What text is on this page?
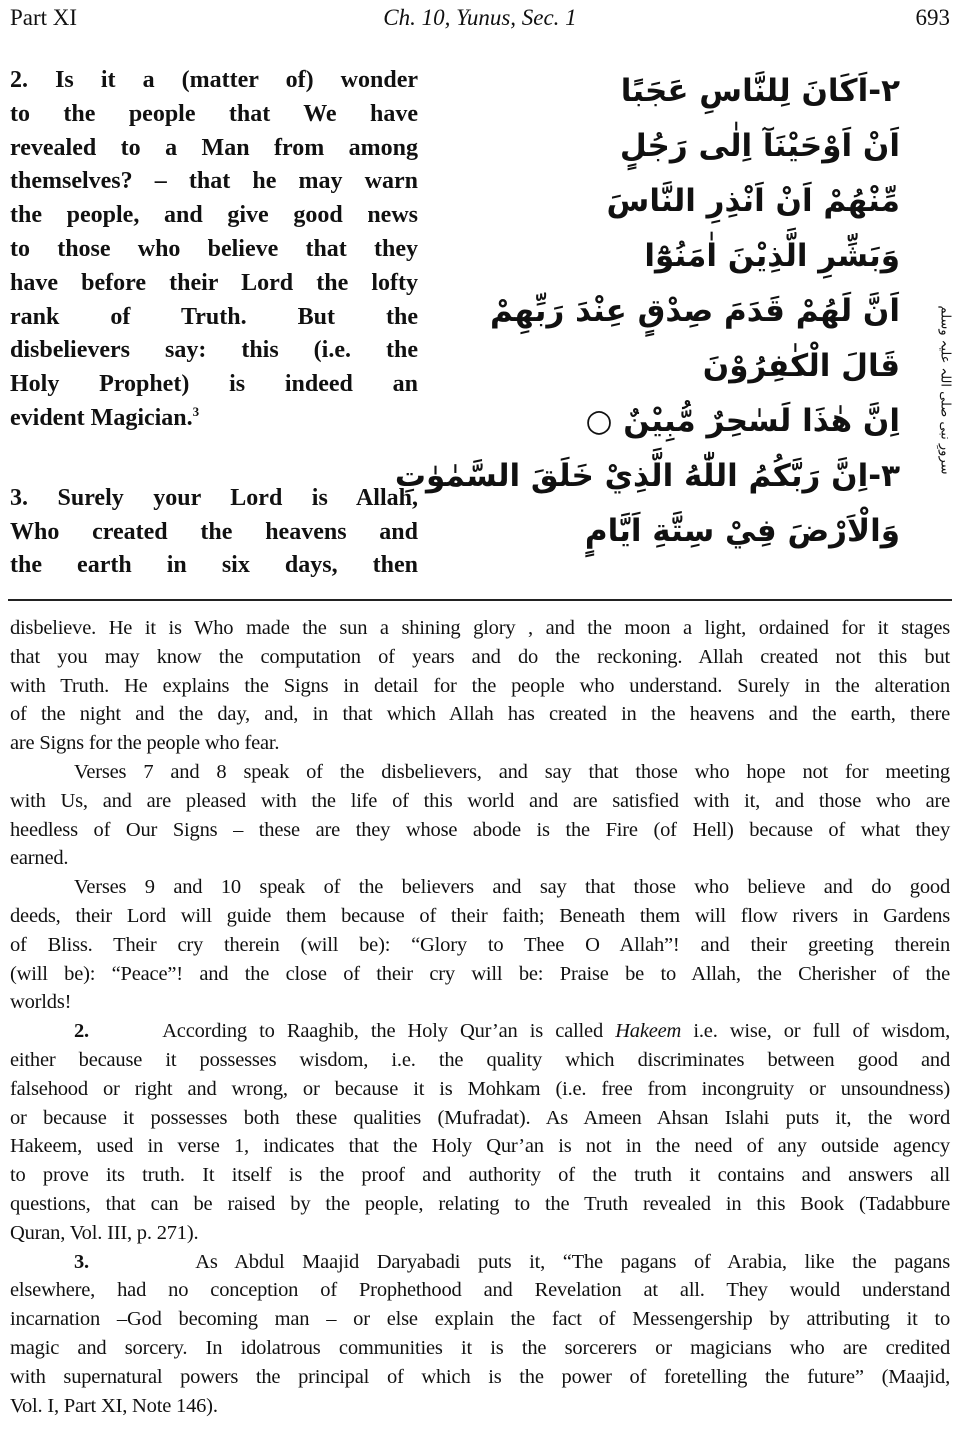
Part XI	Ch. 10, Yunus, Sec. 1	693
2. Is it a (matter of) wonder
to the people that We have
revealed to a Man from among
themselves? – that he may warn
the people, and give good news
to those who believe that they
have before their Lord the lofty
rank of Truth. But the
disbelievers say: this (i.e. the
Holy Prophet) is indeed an
evident Magician.$^3$
3. Surely your Lord is Allah,
Who created the heavens and
the earth in six days, then
۲-اَكَانَ لِلنَّاسِ عَجَبًا
اَنْ اَوْحَيْنَآ اِلٰى رَجُلٍ
مِّنْهُمْ اَنْ اَنْذِرِ النَّاسَ
وَبَشِّرِ الَّذِيْنَ اٰمَنُوْٓا
اَنَّ لَهُمْ قَدَمَ صِدْقٍ عِنْدَ رَبِّهِمْ
قَالَ الْكٰفِرُوْنَ
اِنَّ هٰذَا لَسٰحِرٌ مُّبِيْنٌ ○
۳-اِنَّ رَبَّكُمُ اللّٰهُ الَّذِيْ خَلَقَ السَّمٰوٰتِ
وَالْاَرْضَ فِيْ سِتَّةِ اَيَّامٍ
سرورِ نبی صلی اللہ علیہ وسلم
disbelieve. He it is Who made the sun a shining glory , and the moon a light, ordained for it stages
that you may know the computation of years and do the reckoning. Allah created not this but
with Truth. He explains the Signs in detail for the people who understand. Surely in the alteration
of the night and the day, and, in that which Allah has created in the heavens and the earth, there
are Signs for the people who fear.
Verses 7 and 8 speak of the disbelievers, and say that those who hope not for meeting
with Us, and are pleased with the life of this world and are satisfied with it, and those who are
heedless of Our Signs – these are they whose abode is the Fire (of Hell) because of what they
earned.
Verses 9 and 10 speak of the believers and say that those who believe and do good
deeds, their Lord will guide them because of their faith; Beneath them will flow rivers in Gardens
of Bliss. Their cry therein (will be): “Glory to Thee O Allah”! and their greeting therein
(will be): “Peace”! and the close of their cry will be: Praise be to Allah, the Cherisher of the
worlds!
2.	According to Raaghib, the Holy Qur’an is called Hakeem i.e. wise, or full of wisdom,
either because it possesses wisdom, i.e. the quality which discriminates between good and
falsehood or right and wrong, or because it is Mohkam (i.e. free from incongruity or unsoundness)
or because it possesses both these qualities (Mufradat). As Ameen Ahsan Islahi puts it, the word
Hakeem, used in verse 1, indicates that the Holy Qur’an is not in the need of any outside agency
to prove its truth. It itself is the proof and authority of the truth it contains and answers all
questions, that can be raised by the people, relating to the Truth revealed in this Book (Tadabbure
Quran, Vol. III, p. 271).
3.	As Abdul Maajid Daryabadi puts it, “The pagans of Arabia, like the pagans
elsewhere, had no conception of Prophethood and Revelation at all. They would understand
incarnation –God becoming man – or else explain the fact of Messengership by attributing it to
magic and sorcery. In idolatrous communities it is the sorcerers or magicians who are credited
with supernatural powers the principal of which is the power of foretelling the future” (Maajid,
Vol. I, Part XI, Note 146).
